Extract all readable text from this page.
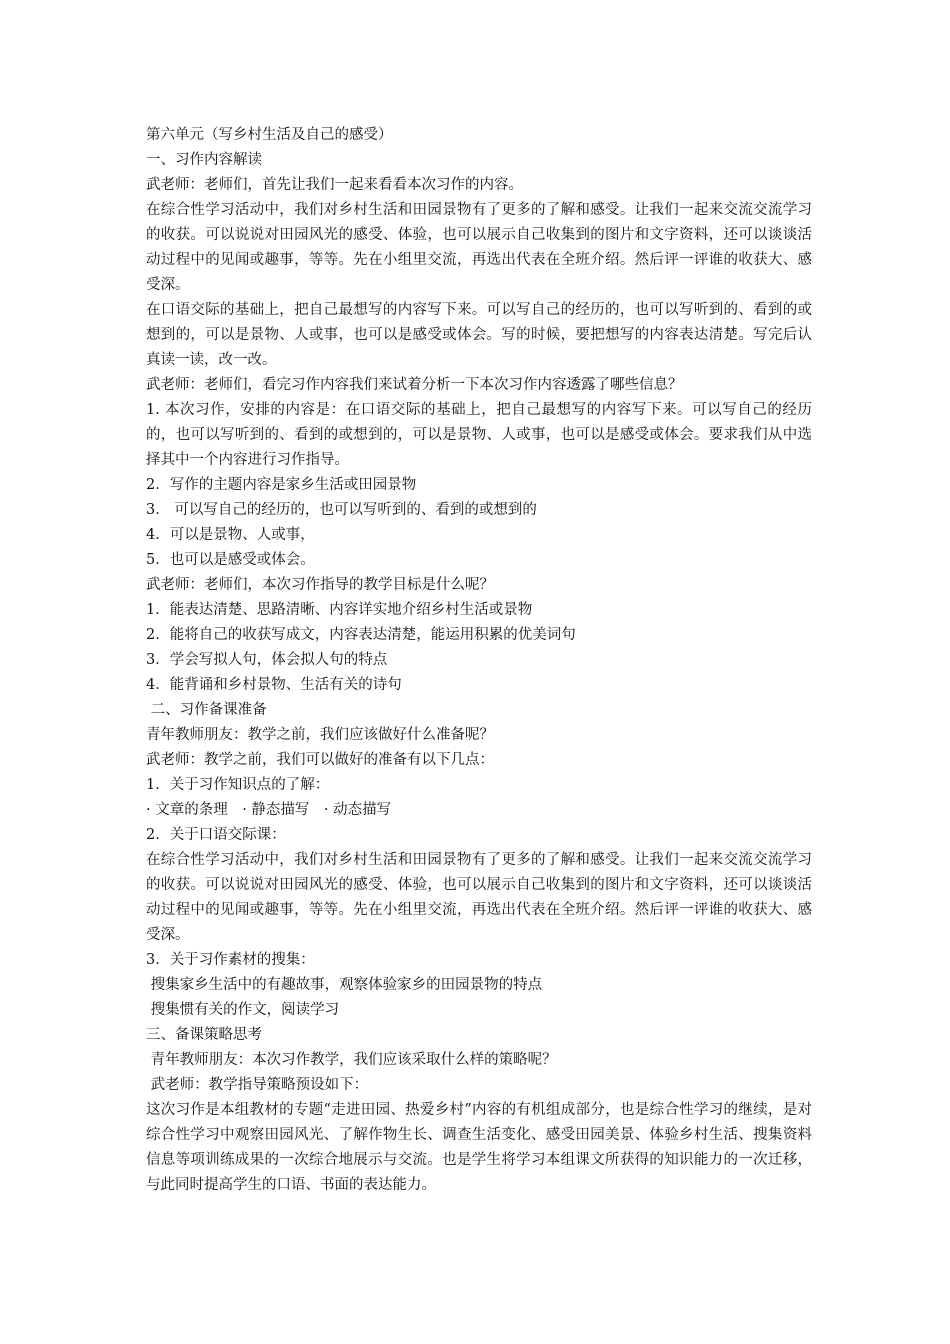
第六单元（写乡村生活及自己的感受）

一、习作内容解读

武老师：老师们，首先让我们一起来看看本次习作的内容。

在综合性学习活动中，我们对乡村生活和田园景物有了更多的了解和感受。让我们一起来交流交流学习的收获。可以说说对田园风光的感受、体验，也可以展示自己收集到的图片和文字资料，还可以谈谈活动过程中的见闻或趣事，等等。先在小组里交流，再选出代表在全班介绍。然后评一评谁的收获大、感受深。

在口语交际的基础上，把自己最想写的内容写下来。可以写自己的经历的，也可以写听到的、看到的或想到的，可以是景物、人或事，也可以是感受或体会。写的时候，要把想写的内容表达清楚。写完后认真读一读，改一改。

武老师：老师们，看完习作内容我们来试着分析一下本次习作内容透露了哪些信息？

1. 本次习作，安排的内容是：在口语交际的基础上，把自己最想写的内容写下来。可以写自己的经历的，也可以写听到的、看到的或想到的，可以是景物、人或事，也可以是感受或体会。要求我们从中选择其中一个内容进行习作指导。

2．写作的主题内容是家乡生活或田园景物

3． 可以写自己的经历的，也可以写听到的、看到的或想到的

4．可以是景物、人或事，

5．也可以是感受或体会。

武老师：老师们，本次习作指导的教学目标是什么呢？

1．能表达清楚、思路清晰、内容详实地介绍乡村生活或景物

2．能将自己的收获写成文，内容表达清楚，能运用积累的优美词句

3．学会写拟人句，体会拟人句的特点

4．能背诵和乡村景物、生活有关的诗句

二、习作备课准备

青年教师朋友：教学之前，我们应该做好什么准备呢？

武老师：教学之前，我们可以做好的准备有以下几点：

1．关于习作知识点的了解：

· 文章的条理　· 静态描写　· 动态描写

2．关于口语交际课：

在综合性学习活动中，我们对乡村生活和田园景物有了更多的了解和感受。让我们一起来交流交流学习的收获。可以说说对田园风光的感受、体验，也可以展示自己收集到的图片和文字资料，还可以谈谈活动过程中的见闻或趣事，等等。先在小组里交流，再选出代表在全班介绍。然后评一评谁的收获大、感受深。

3．关于习作素材的搜集：

搜集家乡生活中的有趣故事，观察体验家乡的田园景物的特点

搜集惯有关的作文，阅读学习

三、备课策略思考

青年教师朋友：本次习作教学，我们应该采取什么样的策略呢？

武老师：教学指导策略预设如下：

这次习作是本组教材的专题“走进田园、热爱乡村”内容的有机组成部分，也是综合性学习的继续，是对综合性学习中观察田园风光、了解作物生长、调查生活变化、感受田园美景、体验乡村生活、搜集资料信息等项训练成果的一次综合地展示与交流。也是学生将学习本组课文所获得的知识能力的一次迁移，与此同时提高学生的口语、书面的表达能力。
